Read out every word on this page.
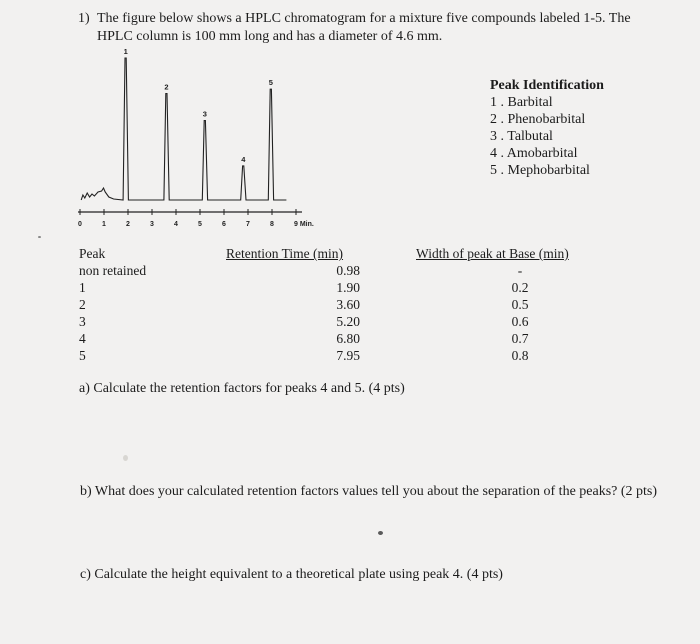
1) The figure below shows a HPLC chromatogram for a mixture five compounds labeled 1-5. The
HPLC column is 100 mm long and has a diameter of 4.6 mm.
0	1	2	3	4	5	6	7	8	9 Min.
1
2
3
4
5	Peak Identification
1 . Barbital
2 . Phenobarbital
3 . Talbutal
4 . Amobarbital
5 . Mephobarbital
Peak	Retention Time (min)	Width of peak at Base (min)
non retained	0.98	-
1	1.90	0.2
2	3.60	0.5
3	5.20	0.6
4	6.80	0.7
5	7.95	0.8
a) Calculate the retention factors for peaks 4 and 5. (4 pts)
b) What does your calculated retention factors values tell you about the separation of the peaks? (2 pts)
c) Calculate the height equivalent to a theoretical plate using peak 4. (4 pts)
